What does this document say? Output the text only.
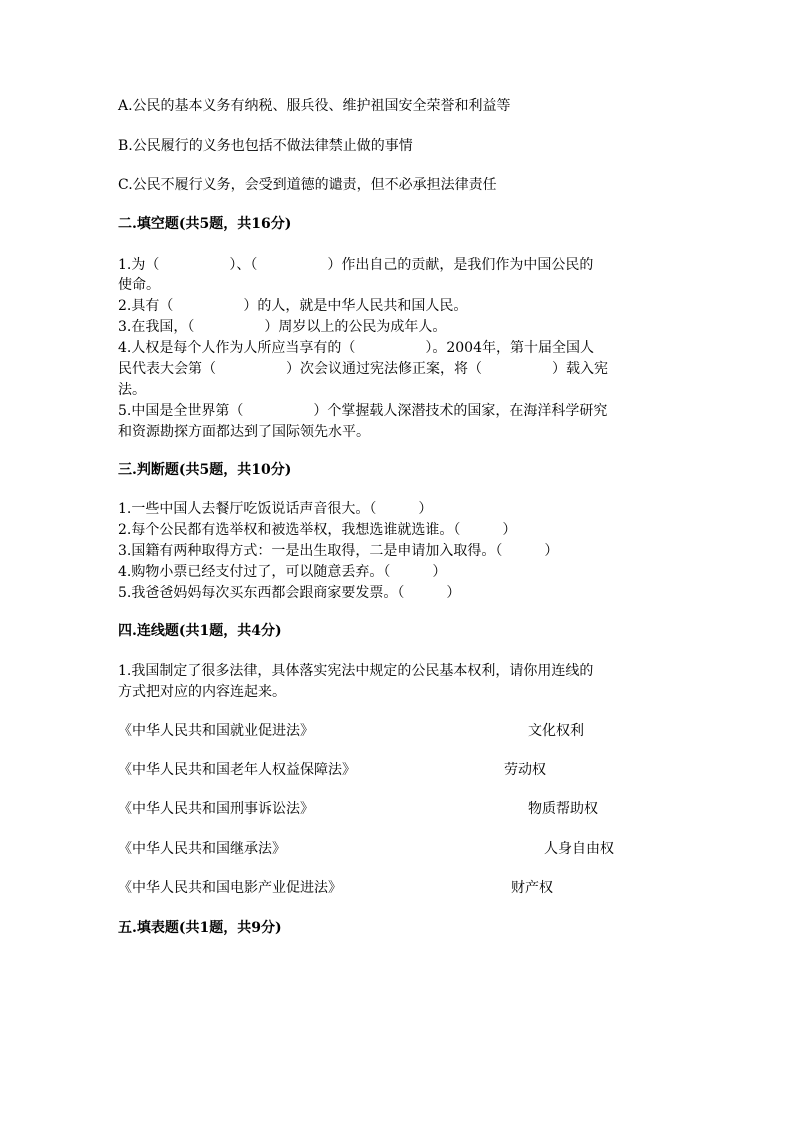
A.公民的基本义务有纳税、服兵役、维护祖国安全荣誉和利益等
B.公民履行的义务也包括不做法律禁止做的事情
C.公民不履行义务，会受到道德的谴责，但不必承担法律责任
二.填空题(共5题，共16分)
1.为（　　　　　）、（　　　　　）作出自己的贡献，是我们作为中国公民的
使命。
2.具有（　　　　　）的人，就是中华人民共和国人民。
3.在我国，（　　　　　）周岁以上的公民为成年人。
4.人权是每个人作为人所应当享有的（　　　　　）。2004年，第十届全国人
民代表大会第（　　　　　）次会议通过宪法修正案，将（　　　　　）载入宪
法。
5.中国是全世界第（　　　　　）个掌握载人深潜技术的国家，在海洋科学研究
和资源勘探方面都达到了国际领先水平。
三.判断题(共5题，共10分)
1.一些中国人去餐厅吃饭说话声音很大。（　　　）
2.每个公民都有选举权和被选举权，我想选谁就选谁。（　　　）
3.国籍有两种取得方式：一是出生取得，二是申请加入取得。（　　　）
4.购物小票已经支付过了，可以随意丢弃。（　　　）
5.我爸爸妈妈每次买东西都会跟商家要发票。（　　　）
四.连线题(共1题，共4分)
1.我国制定了很多法律，具体落实宪法中规定的公民基本权利，请你用连线的
方式把对应的内容连起来。
《中华人民共和国就业促进法》	文化权利
《中华人民共和国老年人权益保障法》	劳动权
《中华人民共和国刑事诉讼法》	物质帮助权
《中华人民共和国继承法》	人身自由权
《中华人民共和国电影产业促进法》	财产权
五.填表题(共1题，共9分)
